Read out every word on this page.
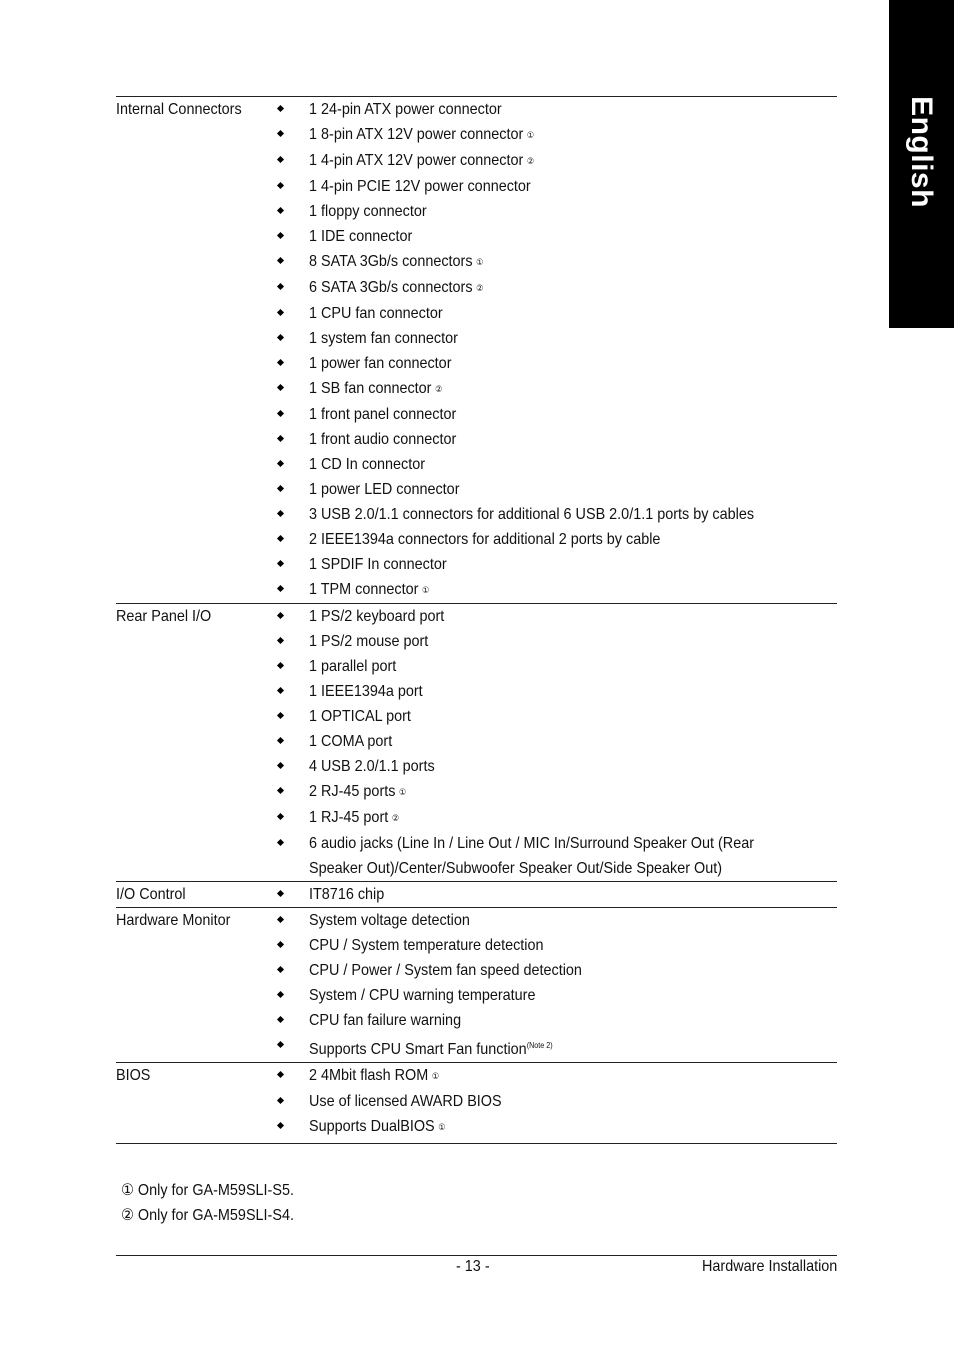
English
Internal Connectors	1 24-pin ATX power connector
1 8-pin ATX 12V power connector ①
1 4-pin ATX 12V power connector ②
1 4-pin PCIE 12V power connector
1 floppy connector
1 IDE connector
8 SATA 3Gb/s connectors ①
6 SATA 3Gb/s connectors ②
1 CPU fan connector
1 system fan connector
1 power fan connector
1 SB fan connector ②
1 front panel connector
1 front audio connector
1 CD In connector
1 power LED connector
3 USB 2.0/1.1 connectors for additional 6 USB 2.0/1.1 ports by cables
2 IEEE1394a connectors for additional 2 ports by cable
1 SPDIF In connector
1 TPM connector ①
Rear Panel I/O	1 PS/2 keyboard port
1 PS/2 mouse port
1 parallel port
1 IEEE1394a port
1 OPTICAL port
1 COMA port
4 USB 2.0/1.1 ports
2 RJ-45 ports ①
1 RJ-45 port ②
6 audio jacks (Line In / Line Out / MIC In/Surround Speaker Out (Rear
Speaker Out)/Center/Subwoofer Speaker Out/Side Speaker Out)
I/O Control	IT8716 chip
Hardware Monitor	System voltage detection
CPU / System temperature detection
CPU / Power / System fan speed detection
System / CPU warning temperature
CPU fan failure warning
Supports CPU Smart Fan function$^{(Note 2)}$
BIOS	2 4Mbit flash ROM ①
Use of licensed AWARD BIOS
Supports DualBIOS ①
① Only for GA-M59SLI-S5.
② Only for GA-M59SLI-S4.
- 13 -	Hardware Installation
